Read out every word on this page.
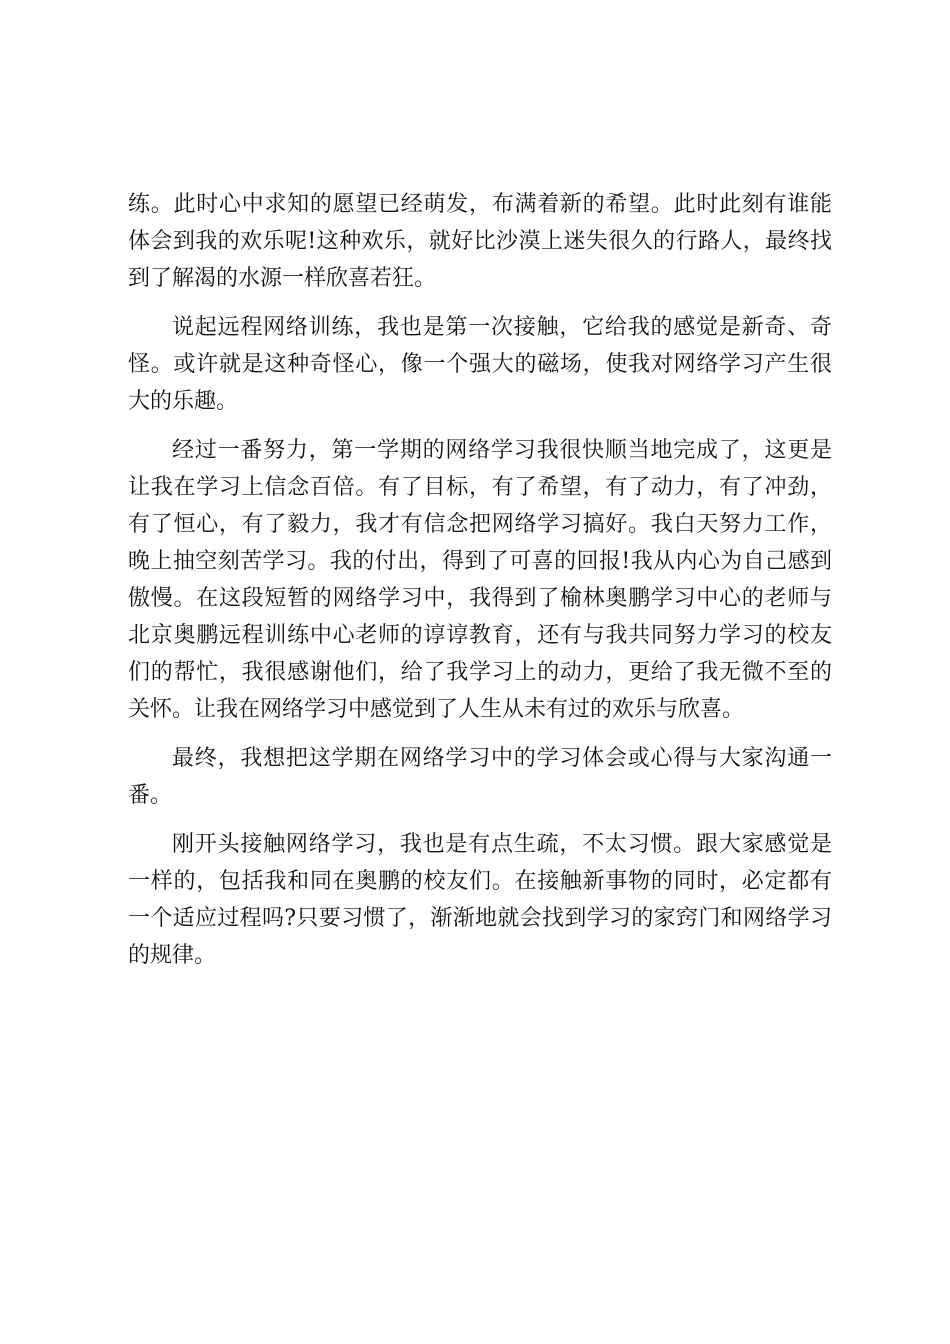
练。此时心中求知的愿望已经萌发，布满着新的希望。此时此刻有谁能
体会到我的欢乐呢!这种欢乐，就好比沙漠上迷失很久的行路人，最终找
到了解渴的水源一样欣喜若狂。

说起远程网络训练，我也是第一次接触，它给我的感觉是新奇、奇
怪。或许就是这种奇怪心，像一个强大的磁场，使我对网络学习产生很
大的乐趣。

经过一番努力，第一学期的网络学习我很快顺当地完成了，这更是
让我在学习上信念百倍。有了目标，有了希望，有了动力，有了冲劲，
有了恒心，有了毅力，我才有信念把网络学习搞好。我白天努力工作，
晚上抽空刻苦学习。我的付出，得到了可喜的回报!我从内心为自己感到
傲慢。在这段短暂的网络学习中，我得到了榆林奥鹏学习中心的老师与
北京奥鹏远程训练中心老师的谆谆教育，还有与我共同努力学习的校友
们的帮忙，我很感谢他们，给了我学习上的动力，更给了我无微不至的
关怀。让我在网络学习中感觉到了人生从未有过的欢乐与欣喜。

最终，我想把这学期在网络学习中的学习体会或心得与大家沟通一
番。

刚开头接触网络学习，我也是有点生疏，不太习惯。跟大家感觉是
一样的，包括我和同在奥鹏的校友们。在接触新事物的同时，必定都有
一个适应过程吗?只要习惯了，渐渐地就会找到学习的家窍门和网络学习
的规律。
